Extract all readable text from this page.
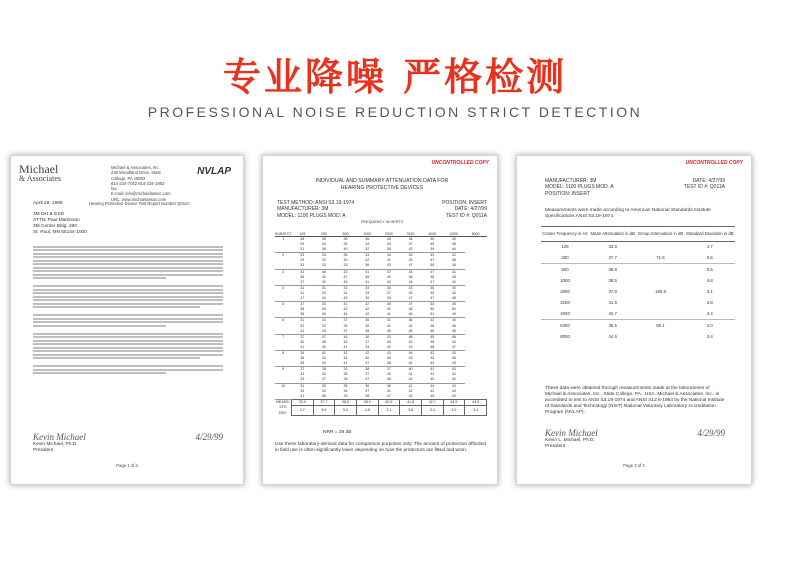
专业降噪 严格检测
PROFESSIONAL NOISE REDUCTION STRICT DETECTION
Michael
& Associates
Michael & Associates, Inc.
246 Woodland Drive, State College, PA 16803
814-234-7042 814-234-1983 fax
E-mail: info@michaelassoc.com
URL: www.michaelassoc.com
NVLAP
April 29, 1999	Hearing Protective Device Test Report Number Q011A
3M OH & ESD
ATTN: Paul Martinson
3M Center Bldg. 260
St. Paul, MN 55144-1000
Kevin Michael	4/29/99
Kevin Michael, Ph.D.
President
Page 1 of 3
UNCONTROLLED COPY
INDIVIDUAL AND SUMMARY ATTENUATION DATA FOR
HEARING PROTECTIVE DEVICES
TEST METHOD: ANSI S3.19-1974	POSITION: INSERT
MANUFACTURER: 3M	DATE: 4/27/99
MODEL: 1100 PLUGS MOD. A	TEST ID #: Q011A
FREQUENCY IN HERTZ
SUBJECT	125	250	500	1000	2000	3150	4000	6300	8000
1	28	35	35	36	40	34	30	40	
	29	34	34	34	43	37	45	46	
	21	36	40	32	38	42	39	44	
2	33	33	36	34	44	43	43	42	
	29	32	30	32	41	42	47	48	
	33	33	33	36	43	47	50	45	
3	41	46	43	41	37	43	47	41	
	36	42	47	46	40	38	46	45	
	37	42	45	41	44	44	47	42	
4	31	31	31	34	38	43	46	40	
	31	33	31	34	37	42	45	42	
	37	44	45	39	43	47	47	48	
5	37	43	41	42	40	47	53	45	
	38	40	42	42	42	48	50	50	
	36	40	44	42	41	46	51	49	
6	31	34	37	36	41	46	42	40	
	32	32	35	36	41	42	48	46	
	31	33	37	38	45	45	46	46	
7	37	47	44	36	43	46	45	46	
	40	46	43	37	45	43	46	43	
	41	40	41	34	42	43	48	47	
8	39	41	42	42	43	44	42	43	
	38	34	44	40	44	43	45	46	
	35	40	41	37	38	42	44	43	
9	37	38	33	38	37	40	41	43	
	33	34	38	37	40	41	44	42	
	33	37	38	37	38	42	40	42	
10	31	35	35	36	36	41	44	43	
	34	34	34	37	41	42	42	43	
	31	36	33	38	37	42	45	43	
MEANS:	33.9	37.7	38.8	36.9	40.9	41.8	42.7	44.5	44.6
STD DEV.	4.7	5.5	5.6	4.8	3.1	3.8	3.4	4.5	3.4
NRR = 29 dB
Use these laboratory-derived data for comparison purposes only. The amount of protection afforded in field use is often significantly lower depending on how the protectors are fitted and worn.
UNCONTROLLED COPY
MANUFACTURER: 3M	DATE: 4/27/99
MODEL: 1100 PLUGS MOD. A	TEST ID #: Q011A
POSITION: INSERT
Measurements were made according to American National Standards Institute Specifications ANSI S3.19-1974.
Center Frequency in Hz	Mean Attenuation in dB	Group Attenuation in dB	Standard Deviation in dB
125	33.9		4.7
250	37.7	71.6	5.5
500	38.8		5.6
1000	38.5		4.8
2000	37.0	166.9	3.1
3150	41.9		3.8
4000	42.7		3.4
6300	45.5	90.1	4.0
8000	44.6		3.4
These data were obtained through measurements made at the laboratories of Michael & Associates, Inc., State College, PA., USA. Michael & Associates, Inc., is accredited to test to ANSI S3.19-1974 and ANSI S12.6-1984 by the National Institute of Standards and Technology (NIST) National Voluntary Laboratory Accreditation Program (NVLAP).
Kevin Michael	4/29/99
Kevin L. Michael, Ph.D.
President
Page 3 of 3
